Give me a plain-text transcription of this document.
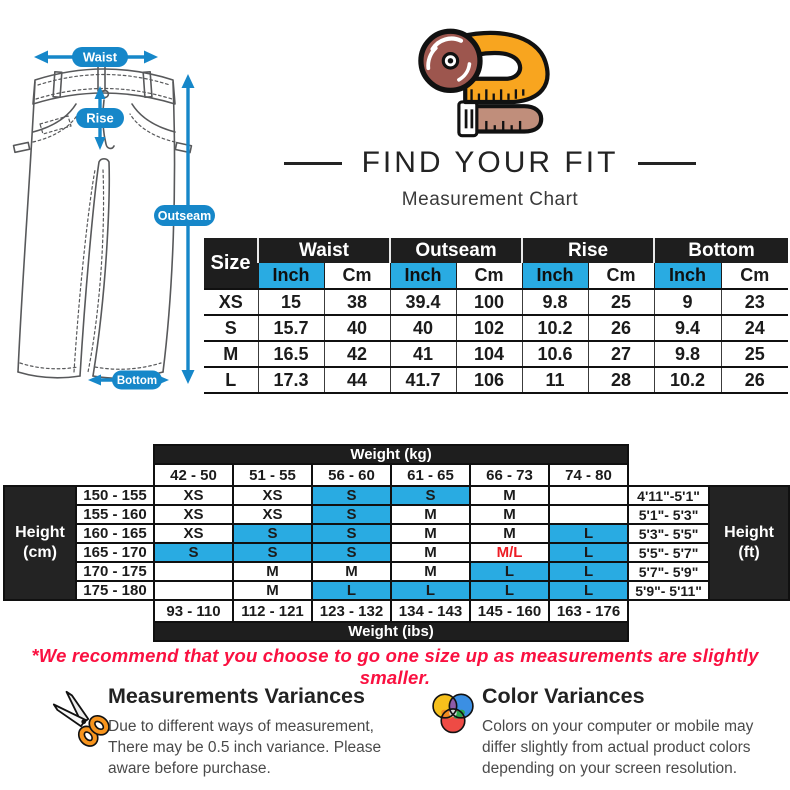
Waist
Rise
Outseam
Bottom
FIND YOUR FIT
Measurement Chart
Size	Waist		Outseam		Rise		Bottom	
	Inch	Cm	Inch	Cm	Inch	Cm	Inch	Cm
XS	15	38	39.4	100	9.8	25	9	23
S	15.7	40	40	102	10.2	26	9.4	24
M	16.5	42	41	104	10.6	27	9.8	25
L	17.3	44	41.7	106	11	28	10.2	26
		Weight (kg)							
		42 - 50	51 - 55	56 - 60	61 - 65	66 - 73	74 - 80		

Height
(cm)
	150 - 155	XS	XS	S	S	M		4'11"-5'1"	
Height
(ft)

	155 - 160	XS	XS	S	M	M		5'1"- 5'3"	
	160 - 165	XS	S	S	M	M	L	5'3"- 5'5"	
	165 - 170	S	S	S	M	M/L	L	5'5"- 5'7"	
	170 - 175		M	M	M	L	L	5'7"- 5'9"	
	175 - 180		M	L	L	L	L	5'9"- 5'11"	
		93 - 110	112 - 121	123 - 132	134 - 143	145 - 160	163 - 176		
		Weight (ibs)							
*We recommend that you choose to go one size up as measurements are slightly smaller.
Measurements Variances
Due to different ways of measurement,
There may be 0.5 inch variance. Please
aware before purchase.
Color Variances
Colors on your computer or mobile may
differ slightly from actual product colors
depending on your screen resolution.
